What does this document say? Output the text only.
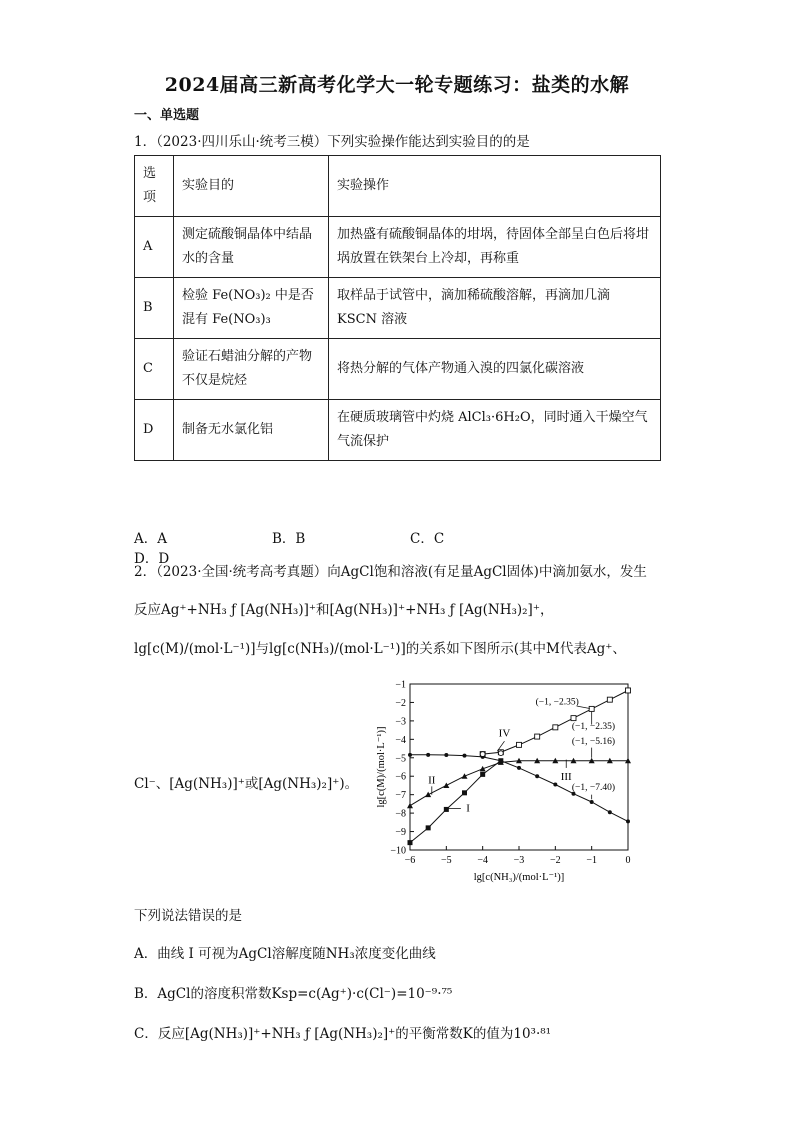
2024届高三新高考化学大一轮专题练习：盐类的水解
一、单选题
1．（2023·四川乐山·统考三模）下列实验操作能达到实验目的的是
选项	实验目的	实验操作
A	测定硫酸铜晶体中结晶水的含量	加热盛有硫酸铜晶体的坩埚，待固体全部呈白色后将坩埚放置在铁架台上冷却，再称重
B	检验 Fe(NO₃)₂ 中是否混有 Fe(NO₃)₃	取样品于试管中，滴加稀硫酸溶解，再滴加几滴 KSCN 溶液
C	验证石蜡油分解的产物不仅是烷烃	将热分解的气体产物通入溴的四氯化碳溶液
D	制备无水氯化铝	在硬质玻璃管中灼烧 AlCl₃·6H₂O，同时通入干燥空气气流保护
A．A	B．B	C．CD．D
2．（2023·全国·统考高考真题）向AgCl饱和溶液(有足量AgCl固体)中滴加氨水，发生
反应Ag⁺+NH₃ ƒ [Ag(NH₃)]⁺和[Ag(NH₃)]⁺+NH₃ ƒ [Ag(NH₃)₂]⁺，
lg[c(M)/(mol·L⁻¹)]与lg[c(NH₃)/(mol·L⁻¹)]的关系如下图所示(其中M代表Ag⁺、
Cl⁻、[Ag(NH₃)]⁺或[Ag(NH₃)₂]⁺)。
−6	−5	−4	−3	−2	−1	0
−1
−2
−3
−4
−5
−6
−7
−8
−9
−10
lg[c(NH₃)/(mol·L⁻¹)]
lg[c(M)/(mol·L⁻¹)]
(−1, −2.35)
(−1, −2.35)
(−1, −5.16)
(−1, −7.40)
I
II	III
IV
下列说法错误的是
A．曲线 I 可视为AgCl溶解度随NH₃浓度变化曲线
B．AgCl的溶度积常数Ksp=c(Ag⁺)·c(Cl⁻)=10⁻⁹·⁷⁵
C．反应[Ag(NH₃)]⁺+NH₃ ƒ [Ag(NH₃)₂]⁺的平衡常数K的值为10³·⁸¹
